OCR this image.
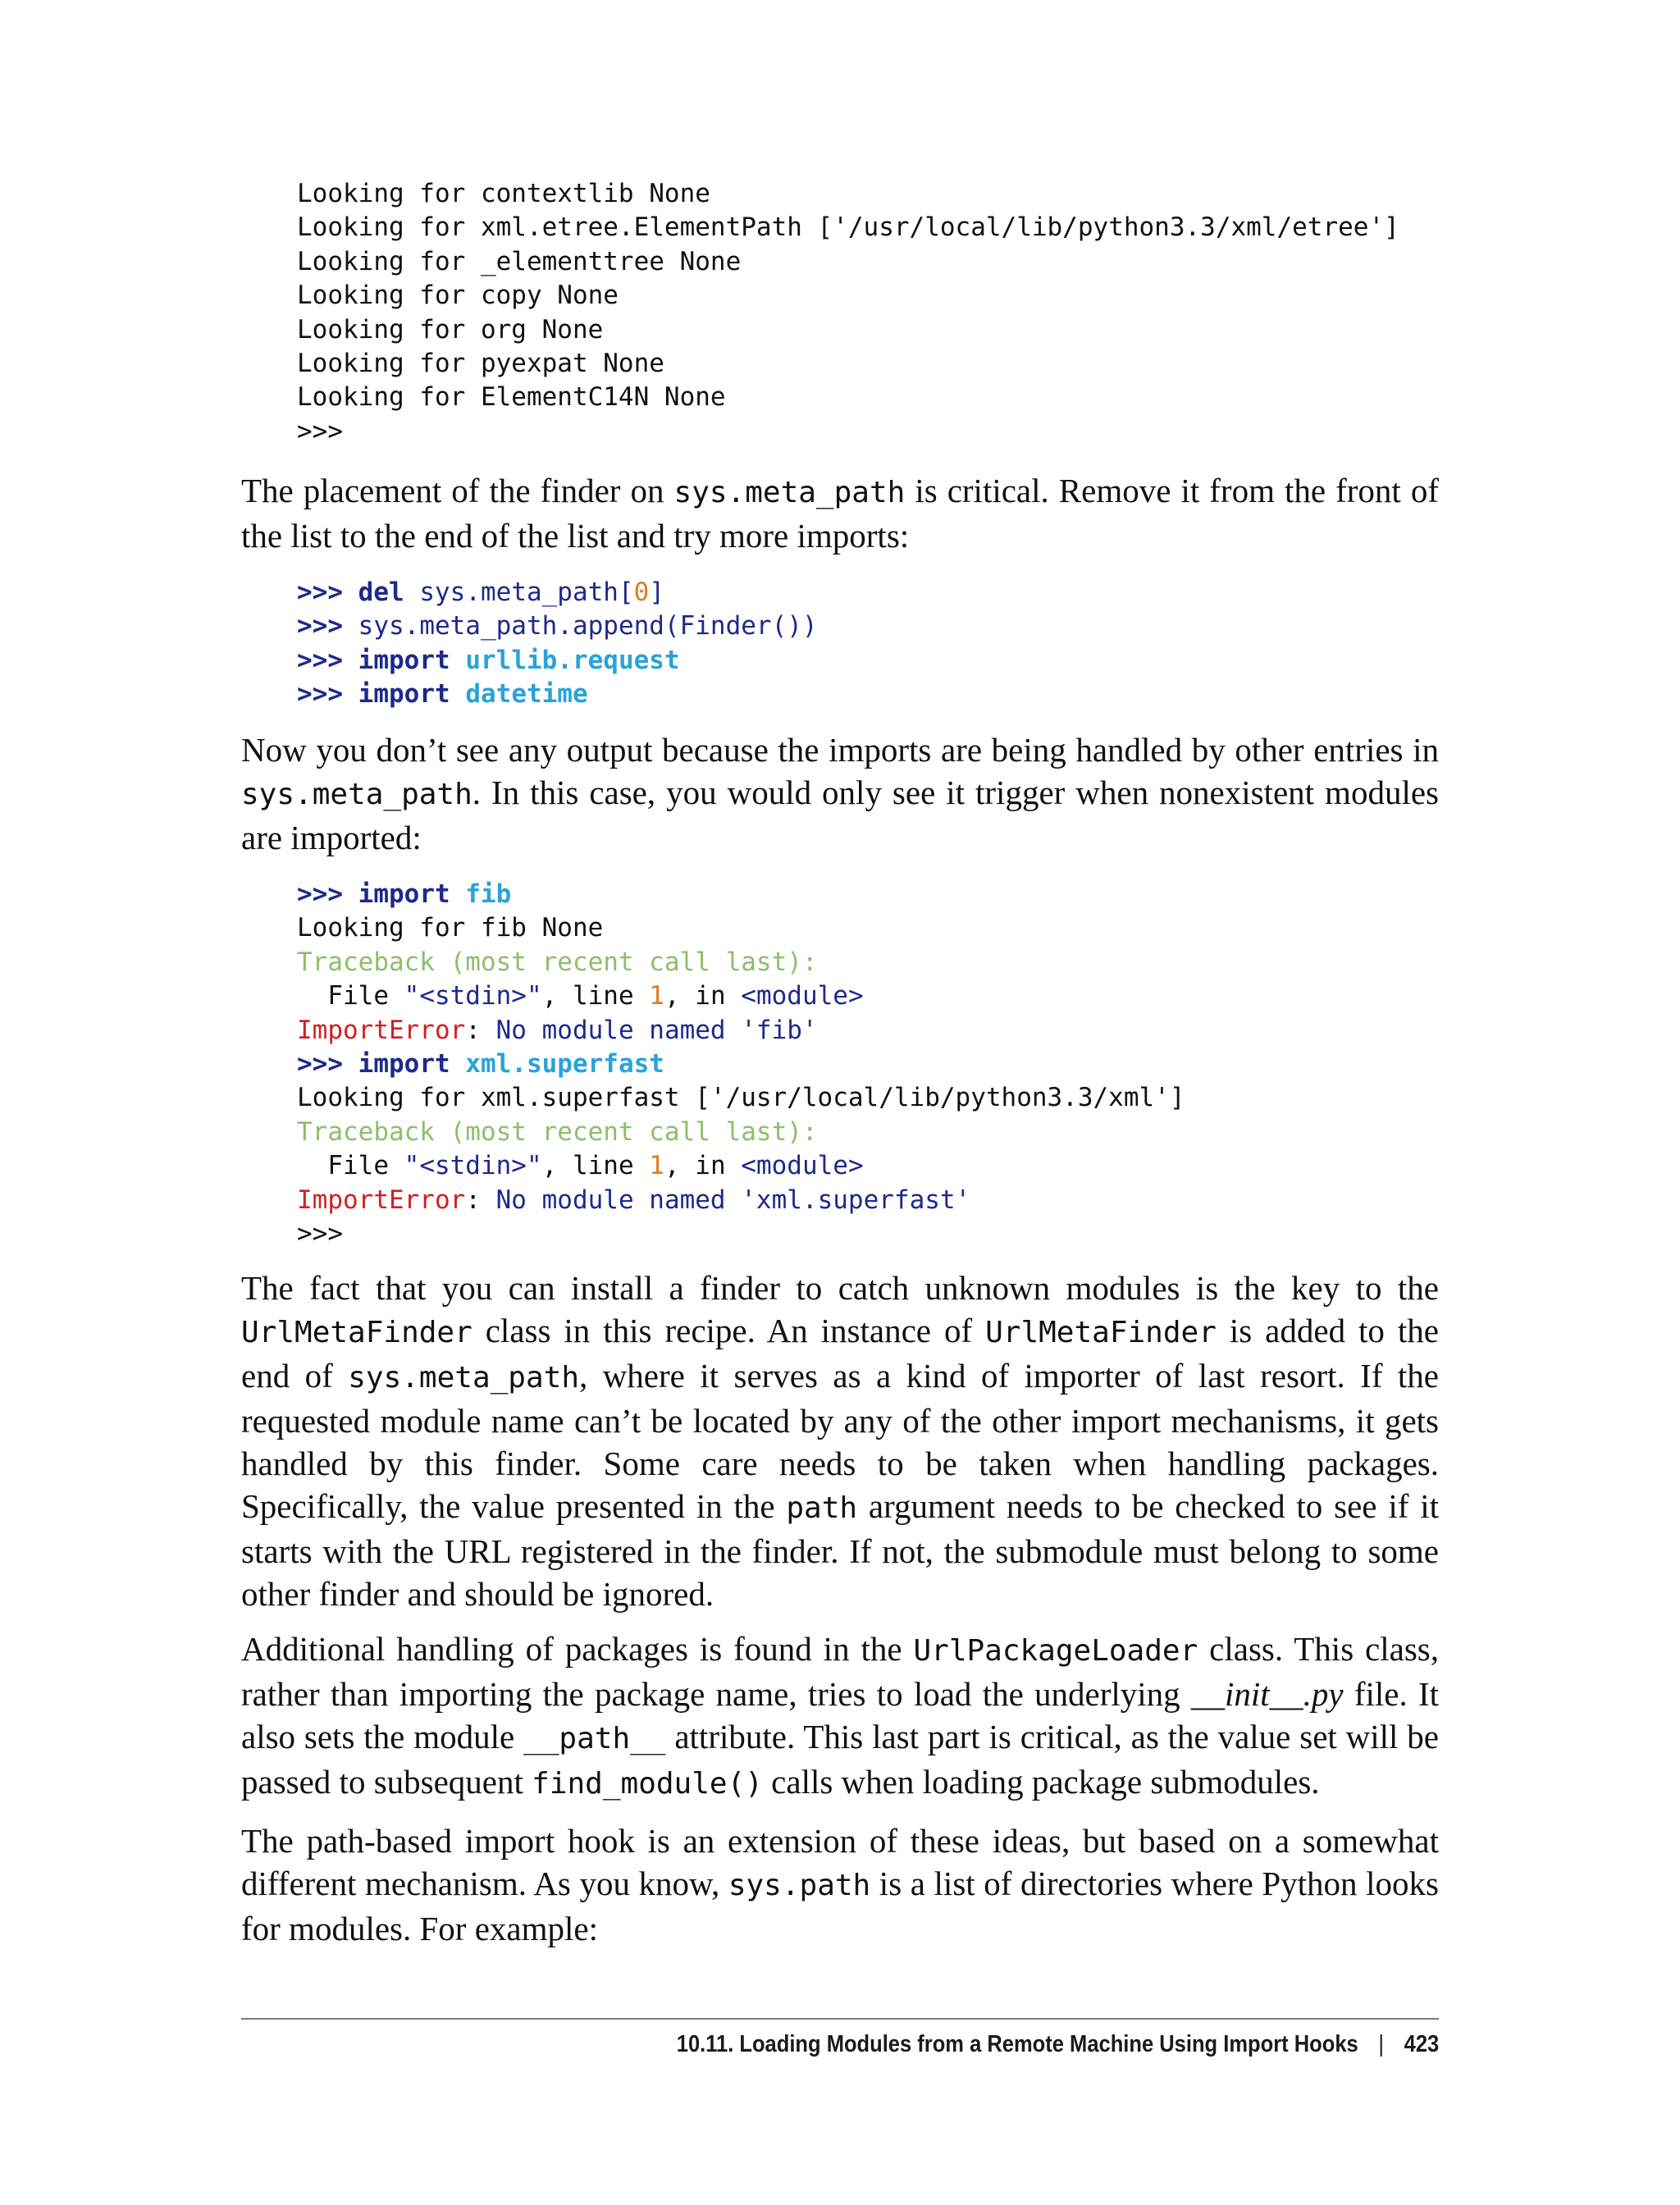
Looking for contextlib None
Looking for xml.etree.ElementPath ['/usr/local/lib/python3.3/xml/etree']
Looking for _elementtree None
Looking for copy None
Looking for org None
Looking for pyexpat None
Looking for ElementC14N None
>>>

The placement of the finder on sys.meta_path is critical. Remove it from the front of the list to the end of the list and try more imports:

>>> del sys.meta_path[0]
>>> sys.meta_path.append(Finder())
>>> import urllib.request
>>> import datetime

Now you don’t see any output because the imports are being handled by other entries in sys.meta_path. In this case, you would only see it trigger when nonexistent modules are imported:

>>> import fib
Looking for fib None
Traceback (most recent call last):
File "<stdin>", line 1, in <module>
ImportError: No module named 'fib'
>>> import xml.superfast
Looking for xml.superfast ['/usr/local/lib/python3.3/xml']
Traceback (most recent call last):
File "<stdin>", line 1, in <module>
ImportError: No module named 'xml.superfast'
>>>

The fact that you can install a finder to catch unknown modules is the key to the UrlMetaFinder class in this recipe. An instance of UrlMetaFinder is added to the end of sys.meta_path, where it serves as a kind of importer of last resort. If the requested module name can’t be located by any of the other import mechanisms, it gets handled by this finder. Some care needs to be taken when handling packages. Specifically, the value presented in the path argument needs to be checked to see if it starts with the URL registered in the finder. If not, the submodule must belong to some other finder and should be ignored.

Additional handling of packages is found in the UrlPackageLoader class. This class, rather than importing the package name, tries to load the underlying __init__.py file. It also sets the module __path__ attribute. This last part is critical, as the value set will be passed to subsequent find_module() calls when loading package submodules.

The path-based import hook is an extension of these ideas, but based on a somewhat different mechanism. As you know, sys.path is a list of directories where Python looks for modules. For example:

10.11. Loading Modules from a Remote Machine Using Import Hooks | 423
